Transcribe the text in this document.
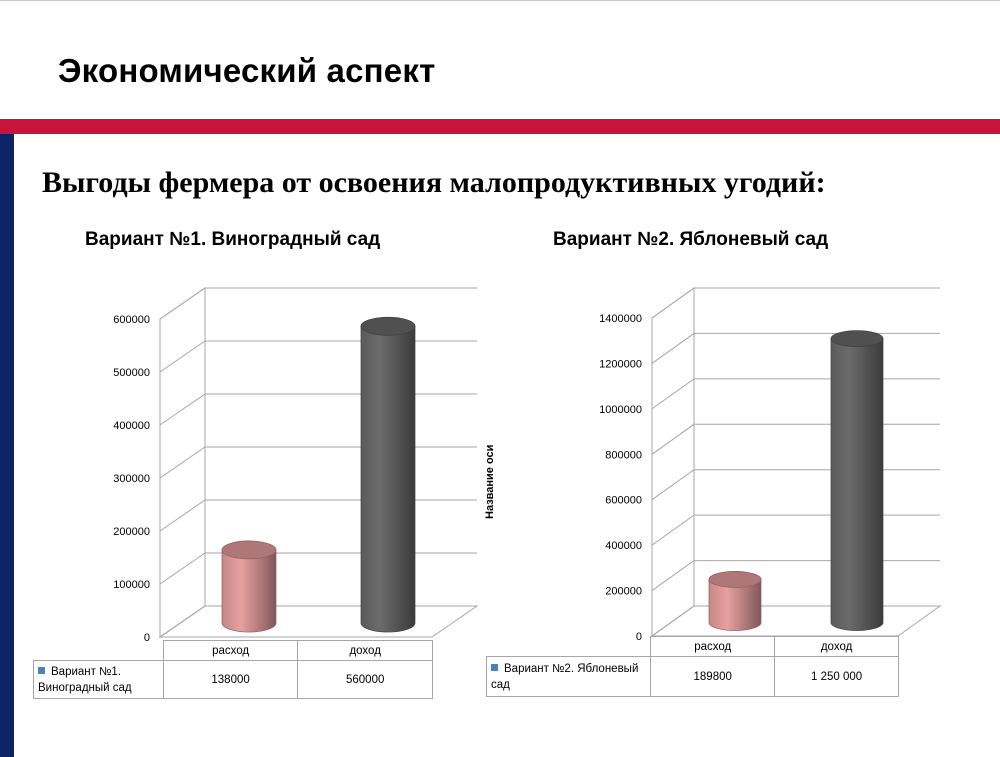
Экономический аспект
Выгоды фермера от освоения малопродуктивных угодий:
Вариант №1. Виноградный сад	Вариант №2. Яблоневый сад
0
100000
200000
300000
400000
500000
600000
0
200000
400000
600000
800000
1000000
1200000
1400000
Название оси
	расход	доход
Вариант №1. Виноградный сад	138000	560000
	расход	доход
Вариант №2. Яблоневый сад	189800	1 250 000
